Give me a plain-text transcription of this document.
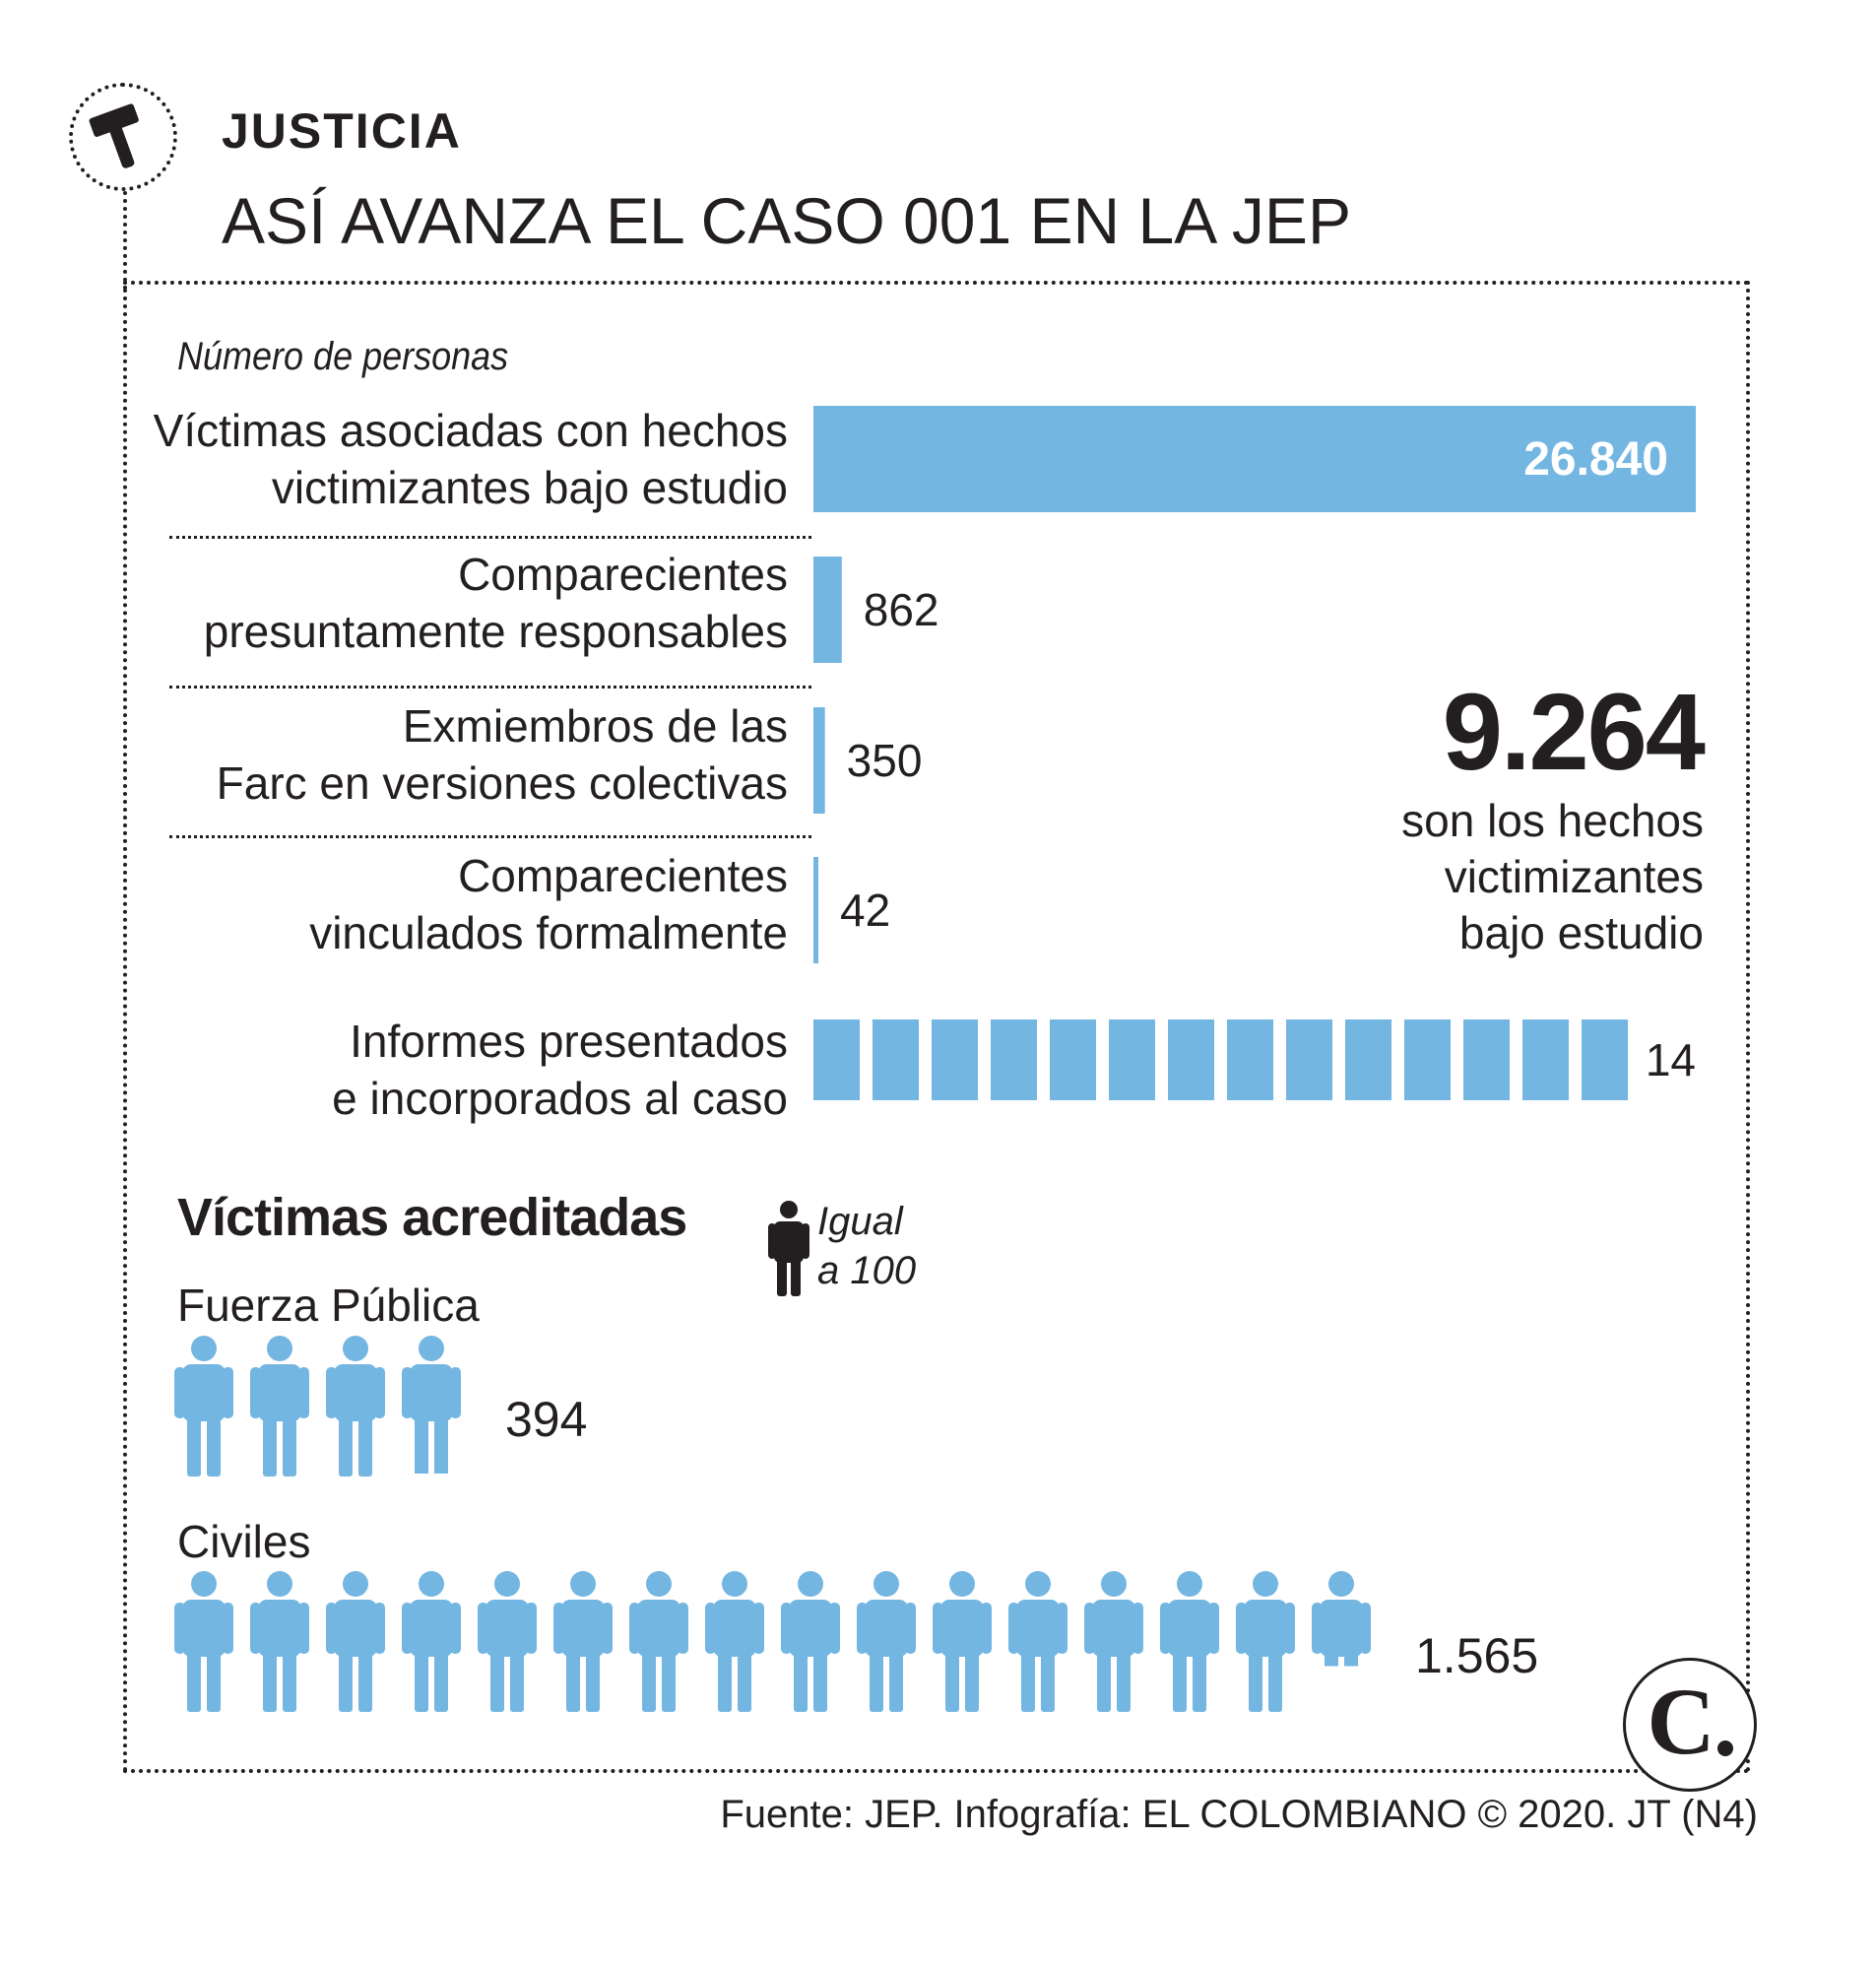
JUSTICIA
ASÍ AVANZA EL CASO 001 EN LA JEP
Número de personas
Víctimas asociadas con hechos
victimizantes bajo estudio
Comparecientes
presuntamente responsables
Exmiembros de las
Farc en versiones colectivas
Comparecientes
vinculados formalmente
Informes presentados
e incorporados al caso
26.840
862
350
42
14
9.264
son los hechos
victimizantes
bajo estudio
Víctimas acreditadas	Igual
a 100
Fuerza Pública
394
Civiles
1.565
C
Fuente: JEP. Infografía: EL COLOMBIANO © 2020. JT (N4)
